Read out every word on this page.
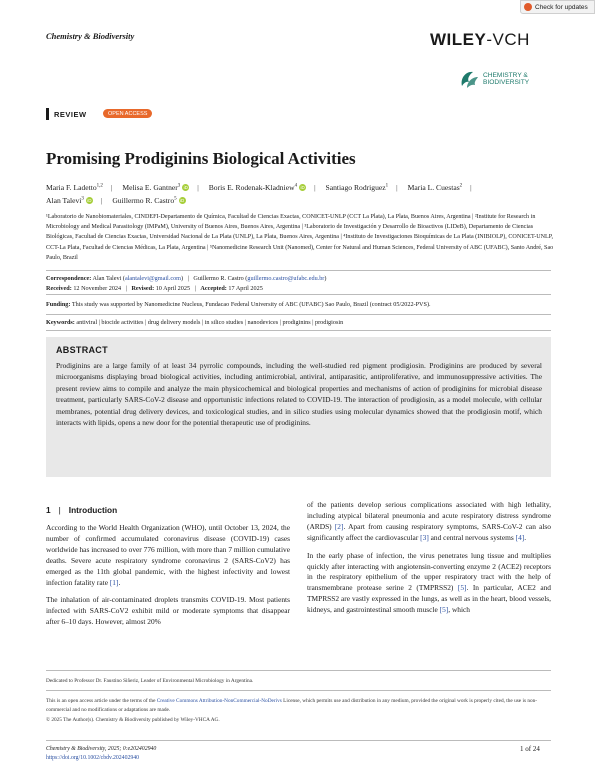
Check for updates
Chemistry & Biodiversity	WILEY-VCH
CHEMISTRY &
BIODIVERSITY
REVIEW	OPEN ACCESS
Promising Prodiginins Biological Activities
Maria F. Ladetto$^{1,2}$ | Melisa E. Gantner$^3$ iD | Boris E. Rodenak-Kladniew$^4$ iD | Santiago Rodriguez$^1$ | Maria L. Cuestas$^2$ |
Alan Talevi$^3$ iD | Guillermo R. Castro$^5$ iD
¹Laboratorio de Nanobiomateriales, CINDEFI-Departamento de Química, Facultad de Ciencias Exactas, CONICET-UNLP (CCT La Plata), La Plata, Buenos Aires, Argentina | ²Institute for Research in Microbiology and Medical Parasitology (IMPaM), University of Buenos Aires, Buenos Aires, Argentina | ³Laboratorio de Investigación y Desarrollo de Bioactivos (LIDeB), Departamento de Ciencias Biológicas, Facultad de Ciencias Exactas, Universidad Nacional de La Plata (UNLP), La Plata, Buenos Aires, Argentina | ⁴Instituto de Investigaciones Bioquímicas de La Plata (INIBIOLP), CONICET-UNLP, CCT-La Plata, Facultad de Ciencias Médicas, La Plata, Argentina | ⁵Nanomedicine Research Unit (Nanomed), Center for Natural and Human Sciences, Federal University of ABC (UFABC), Santo André, Sao Paulo, Brazil
Correspondence: Alan Talevi (alantalevi@gmail.com) | Guillermo R. Castro (guillermo.castro@ufabc.edu.br)
Received: 12 November 2024 | Revised: 10 April 2025 | Accepted: 17 April 2025
Funding: This study was supported by Nanomedicine Nucleus, Fundacao Federal University of ABC (UFABC) Sao Paulo, Brazil (contract 05/2022-PVS).
Keywords: antiviral | biocide activities | drug delivery models | in silico studies | nanodevices | prodiginins | prodigiosin
ABSTRACT
Prodiginins are a large family of at least 34 pyrrolic compounds, including the well-studied red pigment prodigiosin. Prodiginins are produced by several microorganisms displaying broad biological activities, including antimicrobial, antiviral, antiparasitic, antiproliferative, and immunosuppressive activities. The present review aims to compile and analyze the main physicochemical and biological properties and mechanisms of action of prodiginins for microbial disease treatment, particularly SARS-CoV-2 disease and opportunistic infections related to COVID-19. The interaction of prodigiosin, as a model molecule, with cellular membranes, potential drug delivery devices, and toxicological studies, and in silico studies using molecular dynamics showed that the prodigiosin motif, which interacts with lipids, opens a new door for the potential therapeutic use of prodiginins.
1 | Introduction

According to the World Health Organization (WHO), until October 13, 2024, the number of confirmed accumulated coronavirus disease (COVID-19) cases worldwide has increased to over 776 million, with more than 7 million cumulative deaths. Severe acute respiratory syndrome coronavirus 2 (SARS-CoV2) has emerged as the 11th global pandemic, with the highest infectivity and lowest infection fatality rate [1].

The inhalation of air-contaminated droplets transmits COVID-19. Most patients infected with SARS-CoV2 exhibit mild or moderate symptoms that disappear after 6–10 days. However, almost 20%

of the patients develop serious complications associated with high lethality, including atypical bilateral pneumonia and acute respiratory distress syndrome (ARDS) [2]. Apart from causing respiratory symptoms, SARS-CoV-2 can also significantly affect the cardiovascular [3] and central nervous systems [4].

In the early phase of infection, the virus penetrates lung tissue and multiplies quickly after interacting with angiotensin-converting enzyme 2 (ACE2) receptors in the respiratory epithelium of the upper respiratory tract with the help of transmembrane protease serine 2 (TMPRSS2) [5]. In particular, ACE2 and TMPRSS2 are vastly expressed in the lungs, as well as in the heart, blood vessels, kidneys, and gastrointestinal smooth muscle [5], which

Dedicated to Professor Dr. Faustino Siñeriz, Leader of Environmental Microbiology in Argentina.
This is an open access article under the terms of the Creative Commons Attribution-NonCommercial-NoDerivs License, which permits use and distribution in any medium, provided the original work is properly cited, the use is non-commercial and no modifications or adaptations are made.
© 2025 The Author(s). Chemistry & Biodiversity published by Wiley-VHCA AG.
Chemistry & Biodiversity, 2025; 0:e202402940
https://doi.org/10.1002/cbdv.202402940
1 of 24
